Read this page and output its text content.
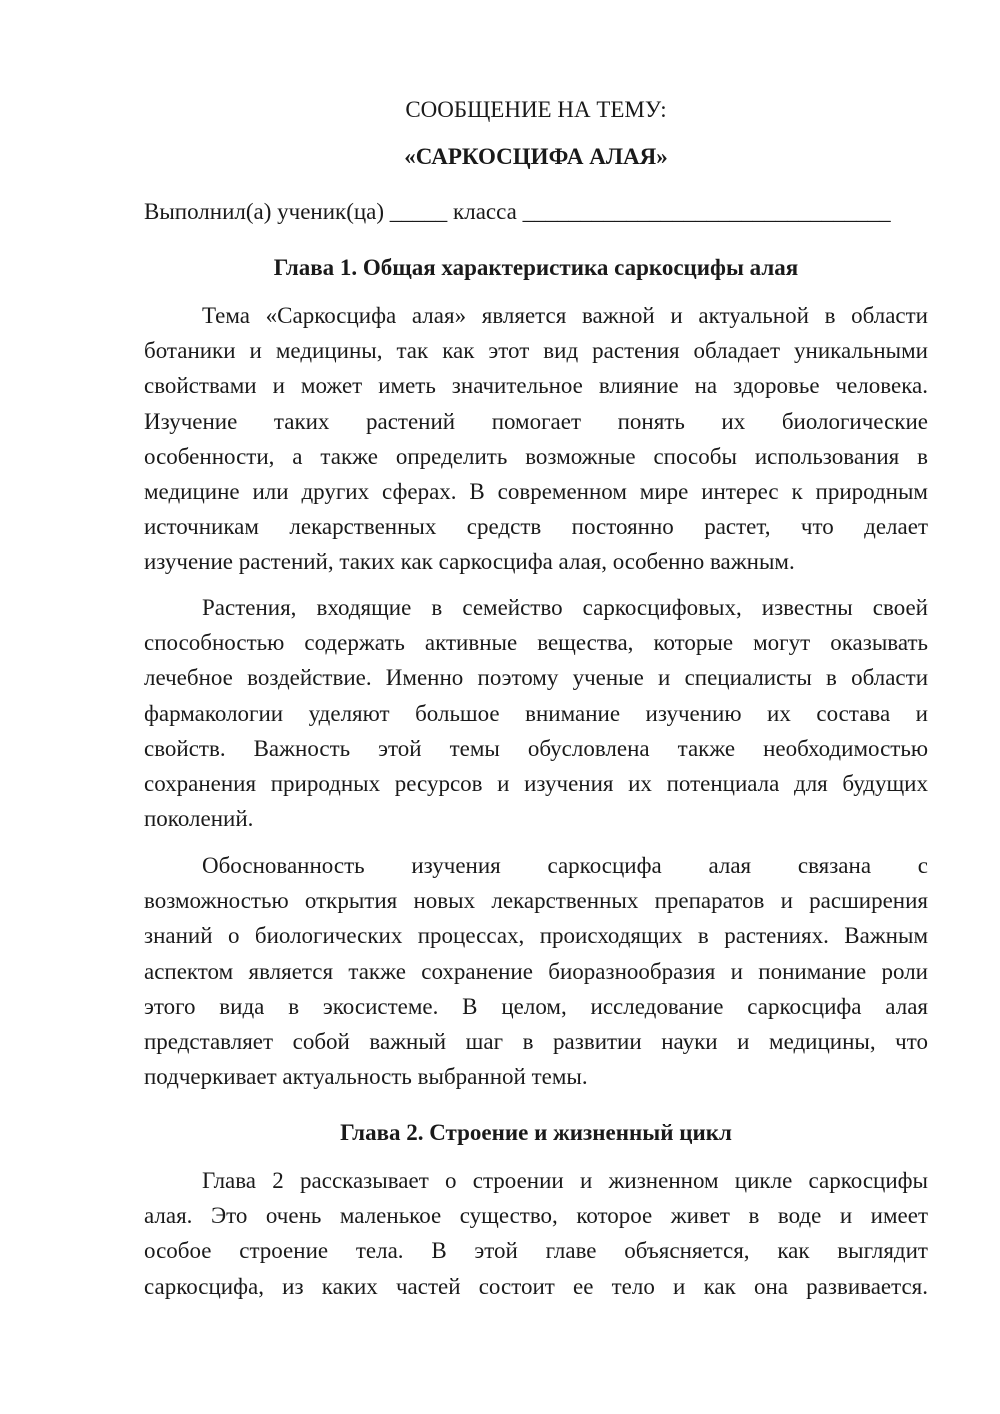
СООБЩЕНИЕ НА ТЕМУ:
«САРКОСЦИФА АЛАЯ»
Выполнил(а) ученик(ца) _____ класса ________________________________
Глава 1. Общая характеристика саркосцифы алая
Тема «Саркосцифа алая» является важной и актуальной в области
ботаники и медицины, так как этот вид растения обладает уникальными
свойствами и может иметь значительное влияние на здоровье человека.
Изучение таких растений помогает понять их биологические
особенности, а также определить возможные способы использования в
медицине или других сферах. В современном мире интерес к природным
источникам лекарственных средств постоянно растет, что делает
изучение растений, таких как саркосцифа алая, особенно важным.
Растения, входящие в семейство саркосцифовых, известны своей
способностью содержать активные вещества, которые могут оказывать
лечебное воздействие. Именно поэтому ученые и специалисты в области
фармакологии уделяют большое внимание изучению их состава и
свойств. Важность этой темы обусловлена также необходимостью
сохранения природных ресурсов и изучения их потенциала для будущих
поколений.
Обоснованность изучения саркосцифа алая связана с
возможностью открытия новых лекарственных препаратов и расширения
знаний о биологических процессах, происходящих в растениях. Важным
аспектом является также сохранение биоразнообразия и понимание роли
этого вида в экосистеме. В целом, исследование саркосцифа алая
представляет собой важный шаг в развитии науки и медицины, что
подчеркивает актуальность выбранной темы.
Глава 2. Строение и жизненный цикл
Глава 2 рассказывает о строении и жизненном цикле саркосцифы
алая. Это очень маленькое существо, которое живет в воде и имеет
особое строение тела. В этой главе объясняется, как выглядит
саркосцифа, из каких частей состоит ее тело и как она развивается.
